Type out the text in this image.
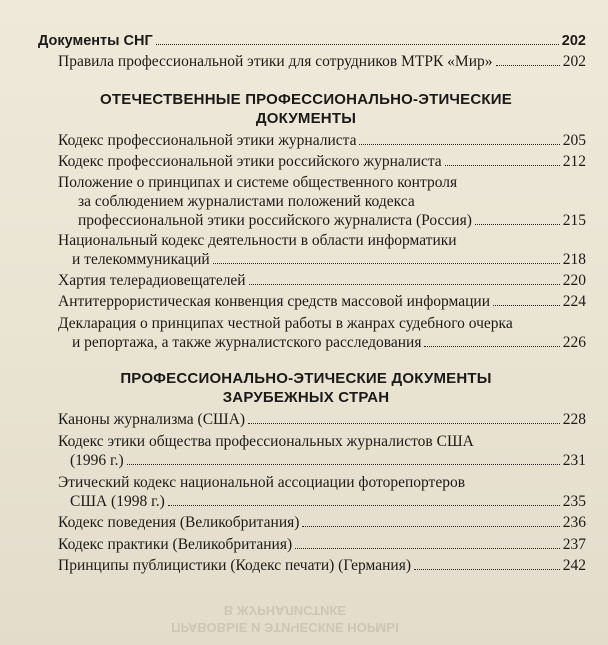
Документы СНГ	202
Правила профессиональной этики для сотрудников МТРК «Мир»	202
ОТЕЧЕСТВЕННЫЕ ПРОФЕССИОНАЛЬНО-ЭТИЧЕСКИЕ
ДОКУМЕНТЫ
Кодекс профессиональной этики журналиста	205
Кодекс профессиональной этики российского журналиста	212
Положение о принципах и системе общественного контроля
за соблюдением журналистами положений кодекса
профессиональной этики российского журналиста (Россия)	215
Национальный кодекс деятельности в области информатики
и телекоммуникаций	218
Хартия телерадиовещателей	220
Антитеррористическая конвенция средств массовой информации	224
Декларация о принципах честной работы в жанрах судебного очерка
и репортажа, а также журналистского расследования	226
ПРОФЕССИОНАЛЬНО-ЭТИЧЕСКИЕ ДОКУМЕНТЫ
ЗАРУБЕЖНЫХ СТРАН
Каноны журнализма (США)	228
Кодекс этики общества профессиональных журналистов США
(1996 г.)	231
Этический кодекс национальной ассоциации фоторепортеров
США (1998 г.)	235
Кодекс поведения (Великобритания)	236
Кодекс практики (Великобритания)	237
Принципы публицистики (Кодекс печати) (Германия)	242
ПРАВОВЫЕ И ЭТИЧЕСКИЕ НОРМЫ
В ЖУРНАЛИСТИКЕ
